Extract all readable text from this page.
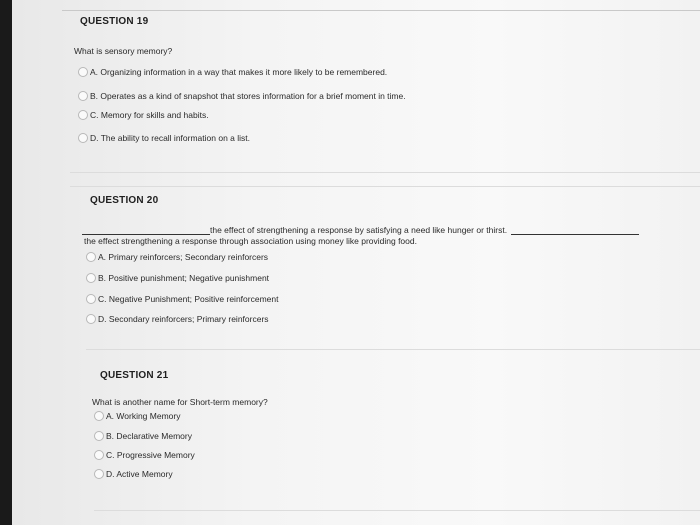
QUESTION 19
What is sensory memory?
A. Organizing information in a way that makes it more likely to be remembered.
B. Operates as a kind of snapshot that stores information for a brief moment in time.
C. Memory for skills and habits.
D. The ability to recall information on a list.
QUESTION 20
the effect of strengthening a response by satisfying a need like hunger or thirst.
the effect strengthening a response through association using money like providing food.
A. Primary reinforcers; Secondary reinforcers
B. Positive punishment; Negative punishment
C. Negative Punishment; Positive reinforcement
D. Secondary reinforcers; Primary reinforcers
QUESTION 21
What is another name for Short-term memory?
A. Working Memory
B. Declarative Memory
C. Progressive Memory
D. Active Memory
